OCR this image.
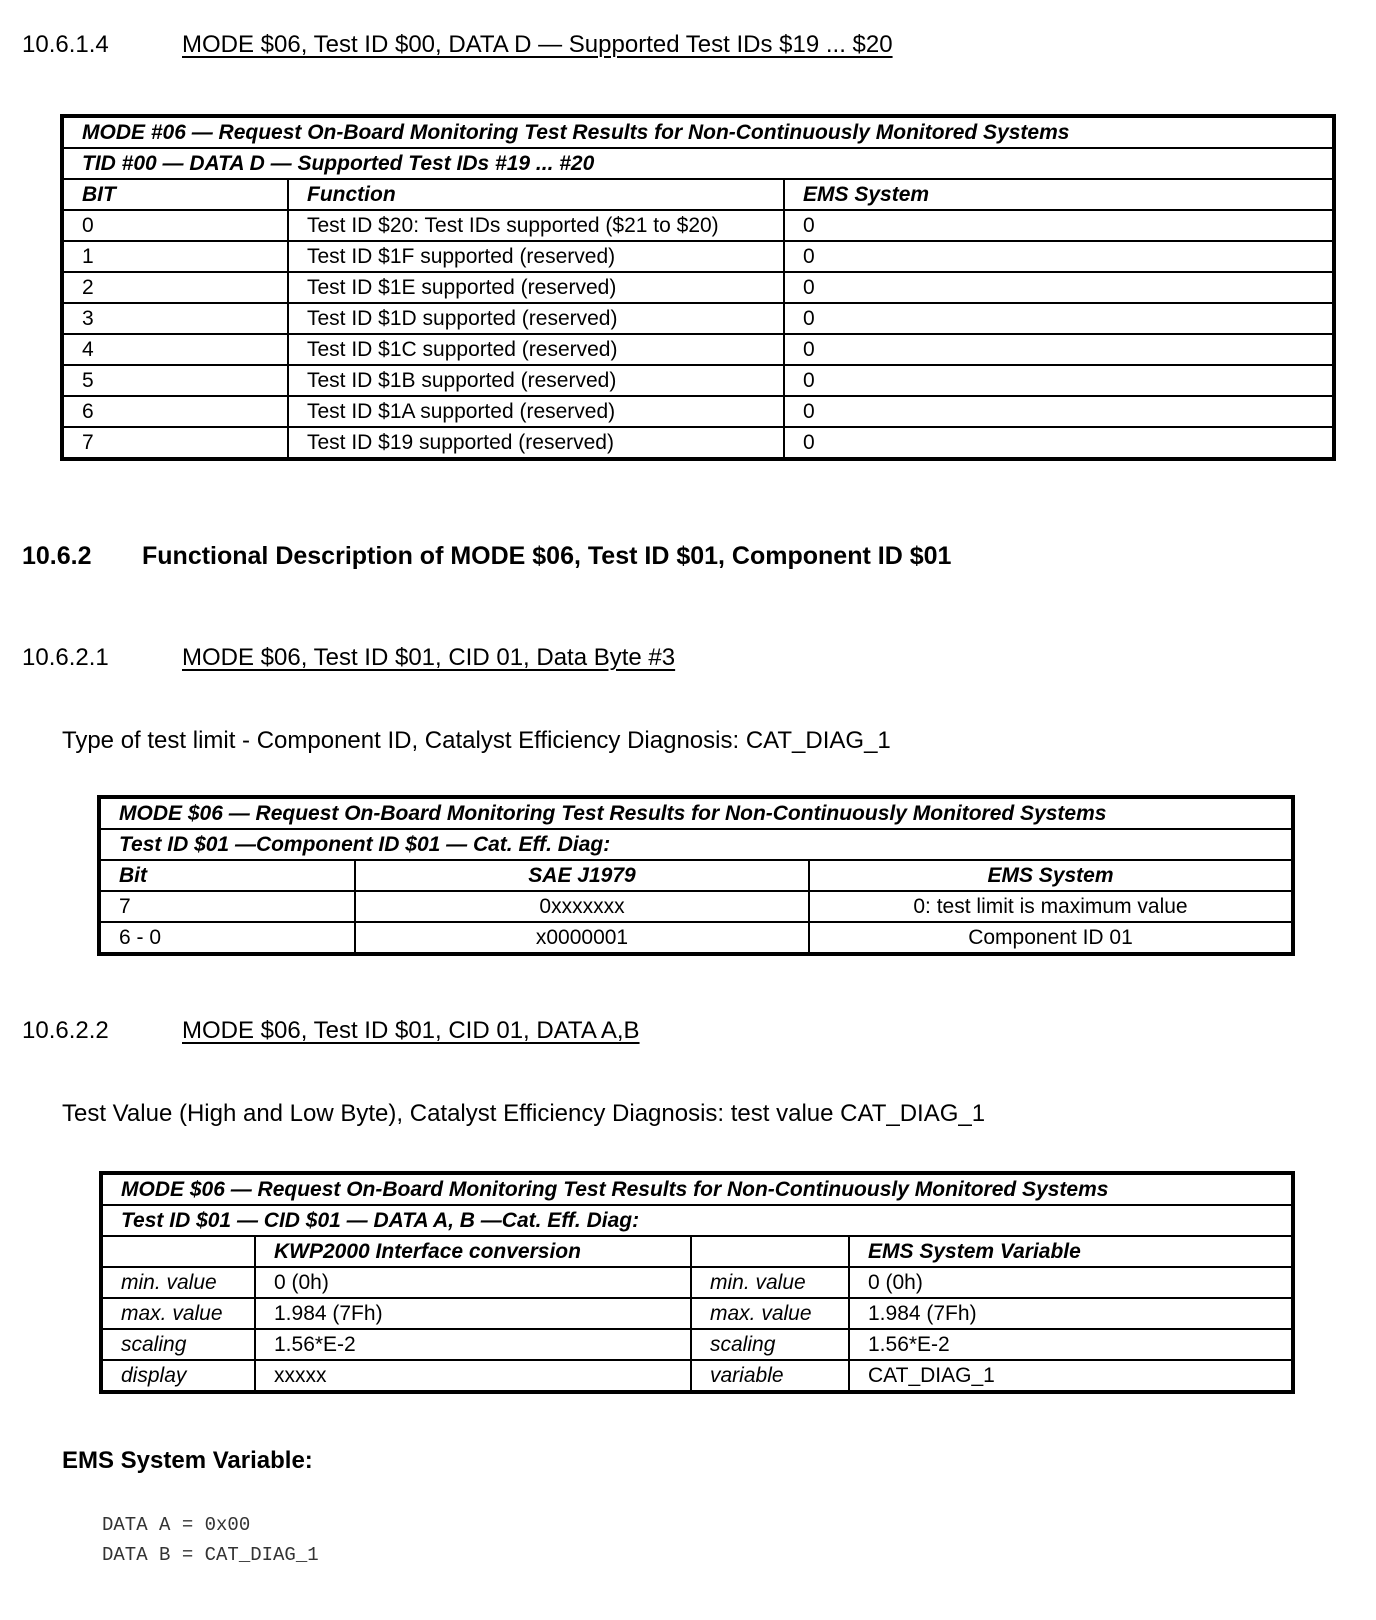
10.6.1.4	MODE $06, Test ID $00, DATA D — Supported Test IDs $19 ... $20
MODE #06 — Request On-Board Monitoring Test Results for Non-Continuously Monitored Systems		
TID #00 — DATA D — Supported Test IDs #19 ... #20		
BIT	Function	EMS System
0	Test ID $20: Test IDs supported ($21 to $20)	0
1	Test ID $1F supported (reserved)	0
2	Test ID $1E supported (reserved)	0
3	Test ID $1D supported (reserved)	0
4	Test ID $1C supported (reserved)	0
5	Test ID $1B supported (reserved)	0
6	Test ID $1A supported (reserved)	0
7	Test ID $19 supported (reserved)	0
10.6.2 Functional Description of MODE $06, Test ID $01, Component ID $01
10.6.2.1	MODE $06, Test ID $01, CID 01, Data Byte #3
Type of test limit - Component ID, Catalyst Efficiency Diagnosis: CAT_DIAG_1
MODE $06 — Request On-Board Monitoring Test Results for Non-Continuously Monitored Systems		
Test ID $01 —Component ID $01 — Cat. Eff. Diag:		
Bit	SAE J1979	EMS System
7	0xxxxxxx	0: test limit is maximum value
6 - 0	x0000001	Component ID 01
10.6.2.2	MODE $06, Test ID $01, CID 01, DATA A,B
Test Value (High and Low Byte), Catalyst Efficiency Diagnosis: test value CAT_DIAG_1
MODE $06 — Request On-Board Monitoring Test Results for Non-Continuously Monitored Systems			
Test ID $01 — CID $01 — DATA A, B —Cat. Eff. Diag:			
	KWP2000 Interface conversion		EMS System Variable
min. value	0 (0h)	min. value	0 (0h)
max. value	1.984 (7Fh)	max. value	1.984 (7Fh)
scaling	1.56*E-2	scaling	1.56*E-2
display	xxxxx	variable	CAT_DIAG_1
EMS System Variable:
DATA A = 0x00
DATA B = CAT_DIAG_1
